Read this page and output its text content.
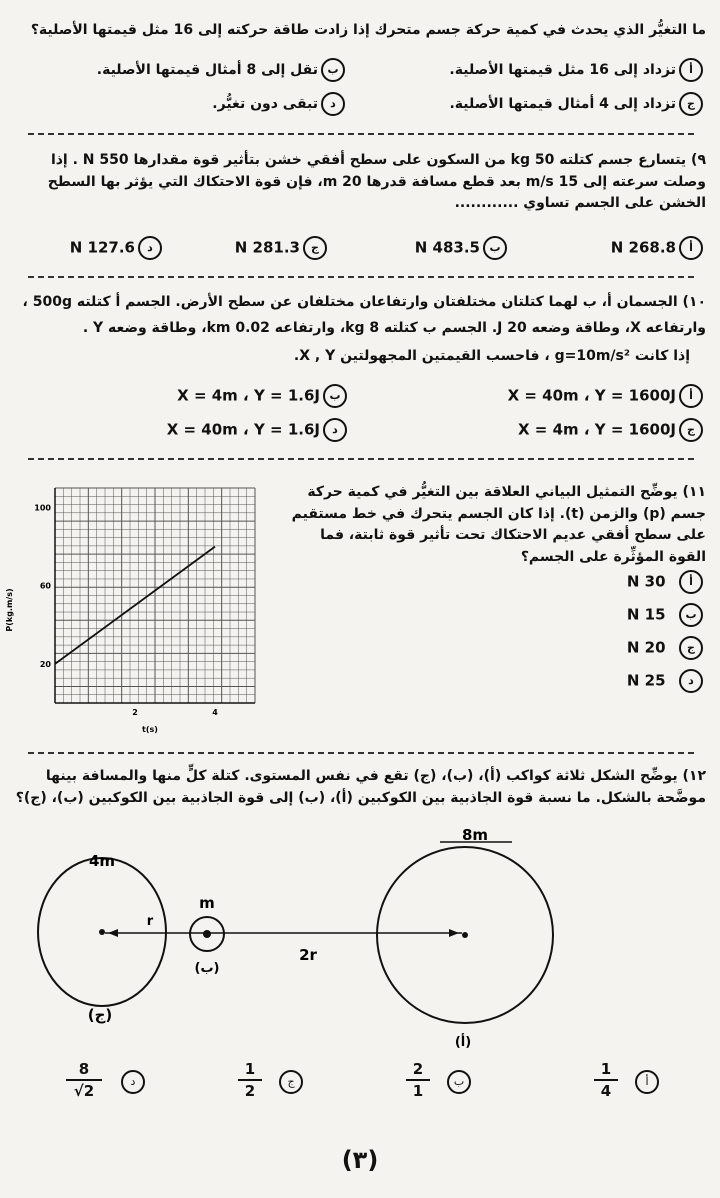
ما التغيُّر الذي يحدث في كمية حركة جسم متحرك إذا زادت طاقة حركته إلى 16 مثل قيمتها الأصلية؟
أتزداد إلى 16 مثل قيمتها الأصلية.
بتقل إلى 8 أمثال قيمتها الأصلية.
جتزداد إلى 4 أمثال قيمتها الأصلية.
دتبقى دون تغيُّر.
٩) يتسارع جسم كتلته 50 kg من السكون على سطح أفقي خشن بتأثير قوة مقدارها 550 N . إذا وصلت سرعته إلى 15 m/s بعد قطع مسافة قدرها 20 m، فإن قوة الاحتكاك التي يؤثر بها السطح الخشن على الجسم تساوي ............
أ268.8 N
ب483.5 N
ج281.3 N
د127.6 N
١٠) الجسمان أ، ب لهما كتلتان مختلفتان وارتفاعان مختلفان عن سطح الأرض. الجسم أ كتلته 500g ،
وارتفاعه X، وطاقة وضعه 20 J. الجسم ب كتلته 8 kg، وارتفاعه 0.02 km، وطاقة وضعه Y .
إذا كانت g=10m/s² ، فاحسب القيمتين المجهولتين X , Y.
أX = 40m ، Y = 1600J
بX = 4m ، Y = 1.6J
جX = 4m ، Y = 1600J
دX = 40m ، Y = 1.6J
١١) يوضِّح التمثيل البياني العلاقة بين التغيُّر في كمية حركة جسم (p) والزمن (t). إذا كان الجسم يتحرك في خط مستقيم على سطح أفقي عديم الاحتكاك تحت تأثير قوة ثابتة، فما القوة المؤثِّرة على الجسم؟
أ  30 N
ب  15 N
ج  20 N
د  25 N
20
60
100
2	4
P(kg.m/s)
t(s)
١٢) يوضِّح الشكل ثلاثة كواكب (أ)، (ب)، (ج) تقع في نفس المستوى. كتلة كلٍّ منها والمسافة بينها موضَّحة بالشكل. ما نسبة قوة الجاذبية بين الكوكبين (أ)، (ب) إلى قوة الجاذبية بين الكوكبين (ب)، (ج)؟
4m
(ج)
m
(ب)
8m
(أ)
r
2r
أ
1
4
ب
2
1
ج
1
2
د
8
√2
(٣)
